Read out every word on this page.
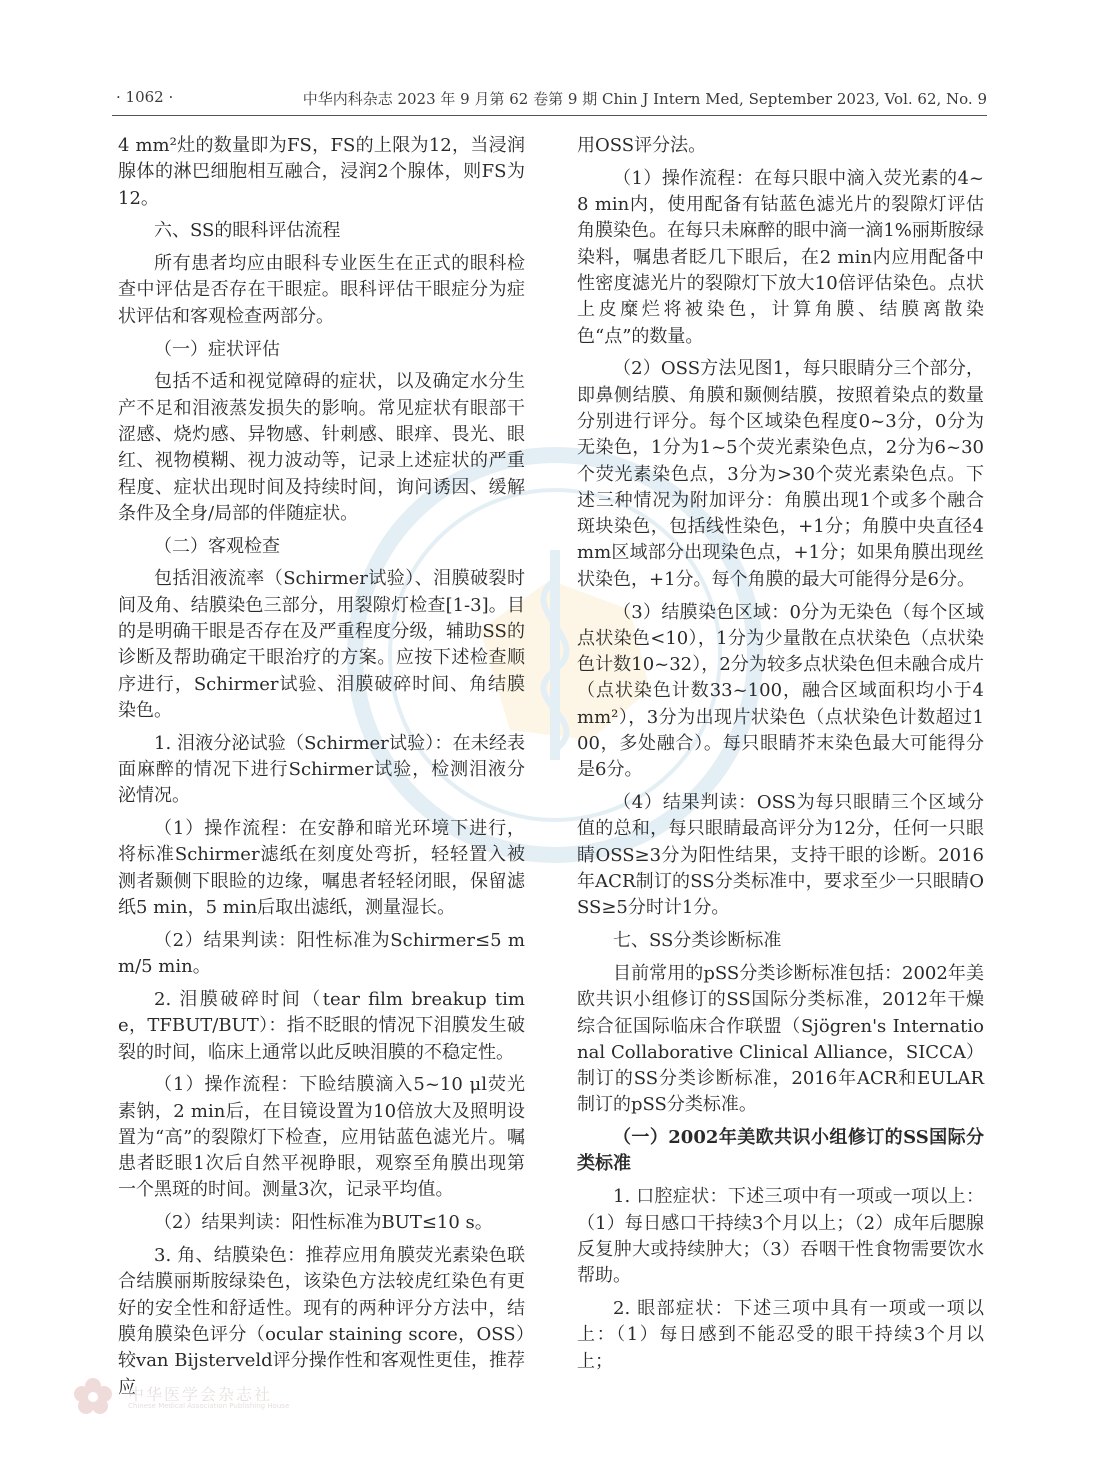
· 1062 ·	中华内科杂志 2023 年 9 月第 62 卷第 9 期 Chin J Intern Med, September 2023, Vol. 62, No. 9

4 mm²灶的数量即为FS，FS的上限为12，当浸润腺体的淋巴细胞相互融合，浸润2个腺体，则FS为12。

六、SS的眼科评估流程

所有患者均应由眼科专业医生在正式的眼科检查中评估是否存在干眼症。眼科评估干眼症分为症状评估和客观检查两部分。

（一）症状评估

包括不适和视觉障碍的症状，以及确定水分生产不足和泪液蒸发损失的影响。常见症状有眼部干涩感、烧灼感、异物感、针刺感、眼痒、畏光、眼红、视物模糊、视力波动等，记录上述症状的严重程度、症状出现时间及持续时间，询问诱因、缓解条件及全身/局部的伴随症状。

（二）客观检查

包括泪液流率（Schirmer试验）、泪膜破裂时间及角、结膜染色三部分，用裂隙灯检查[1-3]。目的是明确干眼是否存在及严重程度分级，辅助SS的诊断及帮助确定干眼治疗的方案。应按下述检查顺序进行，Schirmer试验、泪膜破碎时间、角结膜染色。

1. 泪液分泌试验（Schirmer试验）：在未经表面麻醉的情况下进行Schirmer试验，检测泪液分泌情况。

（1）操作流程：在安静和暗光环境下进行，将标准Schirmer滤纸在刻度处弯折，轻轻置入被测者颞侧下眼睑的边缘，嘱患者轻轻闭眼，保留滤纸5 min，5 min后取出滤纸，测量湿长。

（2）结果判读：阳性标准为Schirmer≤5 mm/5 min。

2. 泪膜破碎时间（tear film breakup time，TFBUT/BUT）：指不眨眼的情况下泪膜发生破裂的时间，临床上通常以此反映泪膜的不稳定性。

（1）操作流程：下睑结膜滴入5~10 μl荧光素钠，2 min后，在目镜设置为10倍放大及照明设置为“高”的裂隙灯下检查，应用钴蓝色滤光片。嘱患者眨眼1次后自然平视睁眼，观察至角膜出现第一个黑斑的时间。测量3次，记录平均值。

（2）结果判读：阳性标准为BUT≤10 s。

3. 角、结膜染色：推荐应用角膜荧光素染色联合结膜丽斯胺绿染色，该染色方法较虎红染色有更好的安全性和舒适性。现有的两种评分方法中，结膜角膜染色评分（ocular staining score，OSS）较van Bijsterveld评分操作性和客观性更佳，推荐应

用OSS评分法。

（1）操作流程：在每只眼中滴入荧光素的4~8 min内，使用配备有钴蓝色滤光片的裂隙灯评估角膜染色。在每只未麻醉的眼中滴一滴1%丽斯胺绿染料，嘱患者眨几下眼后，在2 min内应用配备中性密度滤光片的裂隙灯下放大10倍评估染色。点状上皮糜烂将被染色，计算角膜、结膜离散染色“点”的数量。

（2）OSS方法见图1，每只眼睛分三个部分，即鼻侧结膜、角膜和颞侧结膜，按照着染点的数量分别进行评分。每个区域染色程度0~3分，0分为无染色，1分为1~5个荧光素染色点，2分为6~30个荧光素染色点，3分为>30个荧光素染色点。下述三种情况为附加评分：角膜出现1个或多个融合斑块染色，包括线性染色，+1分；角膜中央直径4 mm区域部分出现染色点，+1分；如果角膜出现丝状染色，+1分。每个角膜的最大可能得分是6分。

（3）结膜染色区域：0分为无染色（每个区域点状染色<10），1分为少量散在点状染色（点状染色计数10~32），2分为较多点状染色但未融合成片（点状染色计数33~100，融合区域面积均小于4 mm²），3分为出现片状染色（点状染色计数超过100，多处融合）。每只眼睛芥末染色最大可能得分是6分。

（4）结果判读：OSS为每只眼睛三个区域分值的总和，每只眼睛最高评分为12分，任何一只眼睛OSS≥3分为阳性结果，支持干眼的诊断。2016年ACR制订的SS分类标准中，要求至少一只眼睛OSS≥5分时计1分。

七、SS分类诊断标准

目前常用的pSS分类诊断标准包括：2002年美欧共识小组修订的SS国际分类标准，2012年干燥综合征国际临床合作联盟（Sjögren's International Collaborative Clinical Alliance，SICCA）制订的SS分类诊断标准，2016年ACR和EULAR制订的pSS分类标准。

（一）2002年美欧共识小组修订的SS国际分类标准

1. 口腔症状：下述三项中有一项或一项以上：（1）每日感口干持续3个月以上；（2）成年后腮腺反复肿大或持续肿大；（3）吞咽干性食物需要饮水帮助。

2. 眼部症状：下述三项中具有一项或一项以上：（1）每日感到不能忍受的眼干持续3个月以上；

中华医学会杂志社
Chinese Medical Association Publishing House
